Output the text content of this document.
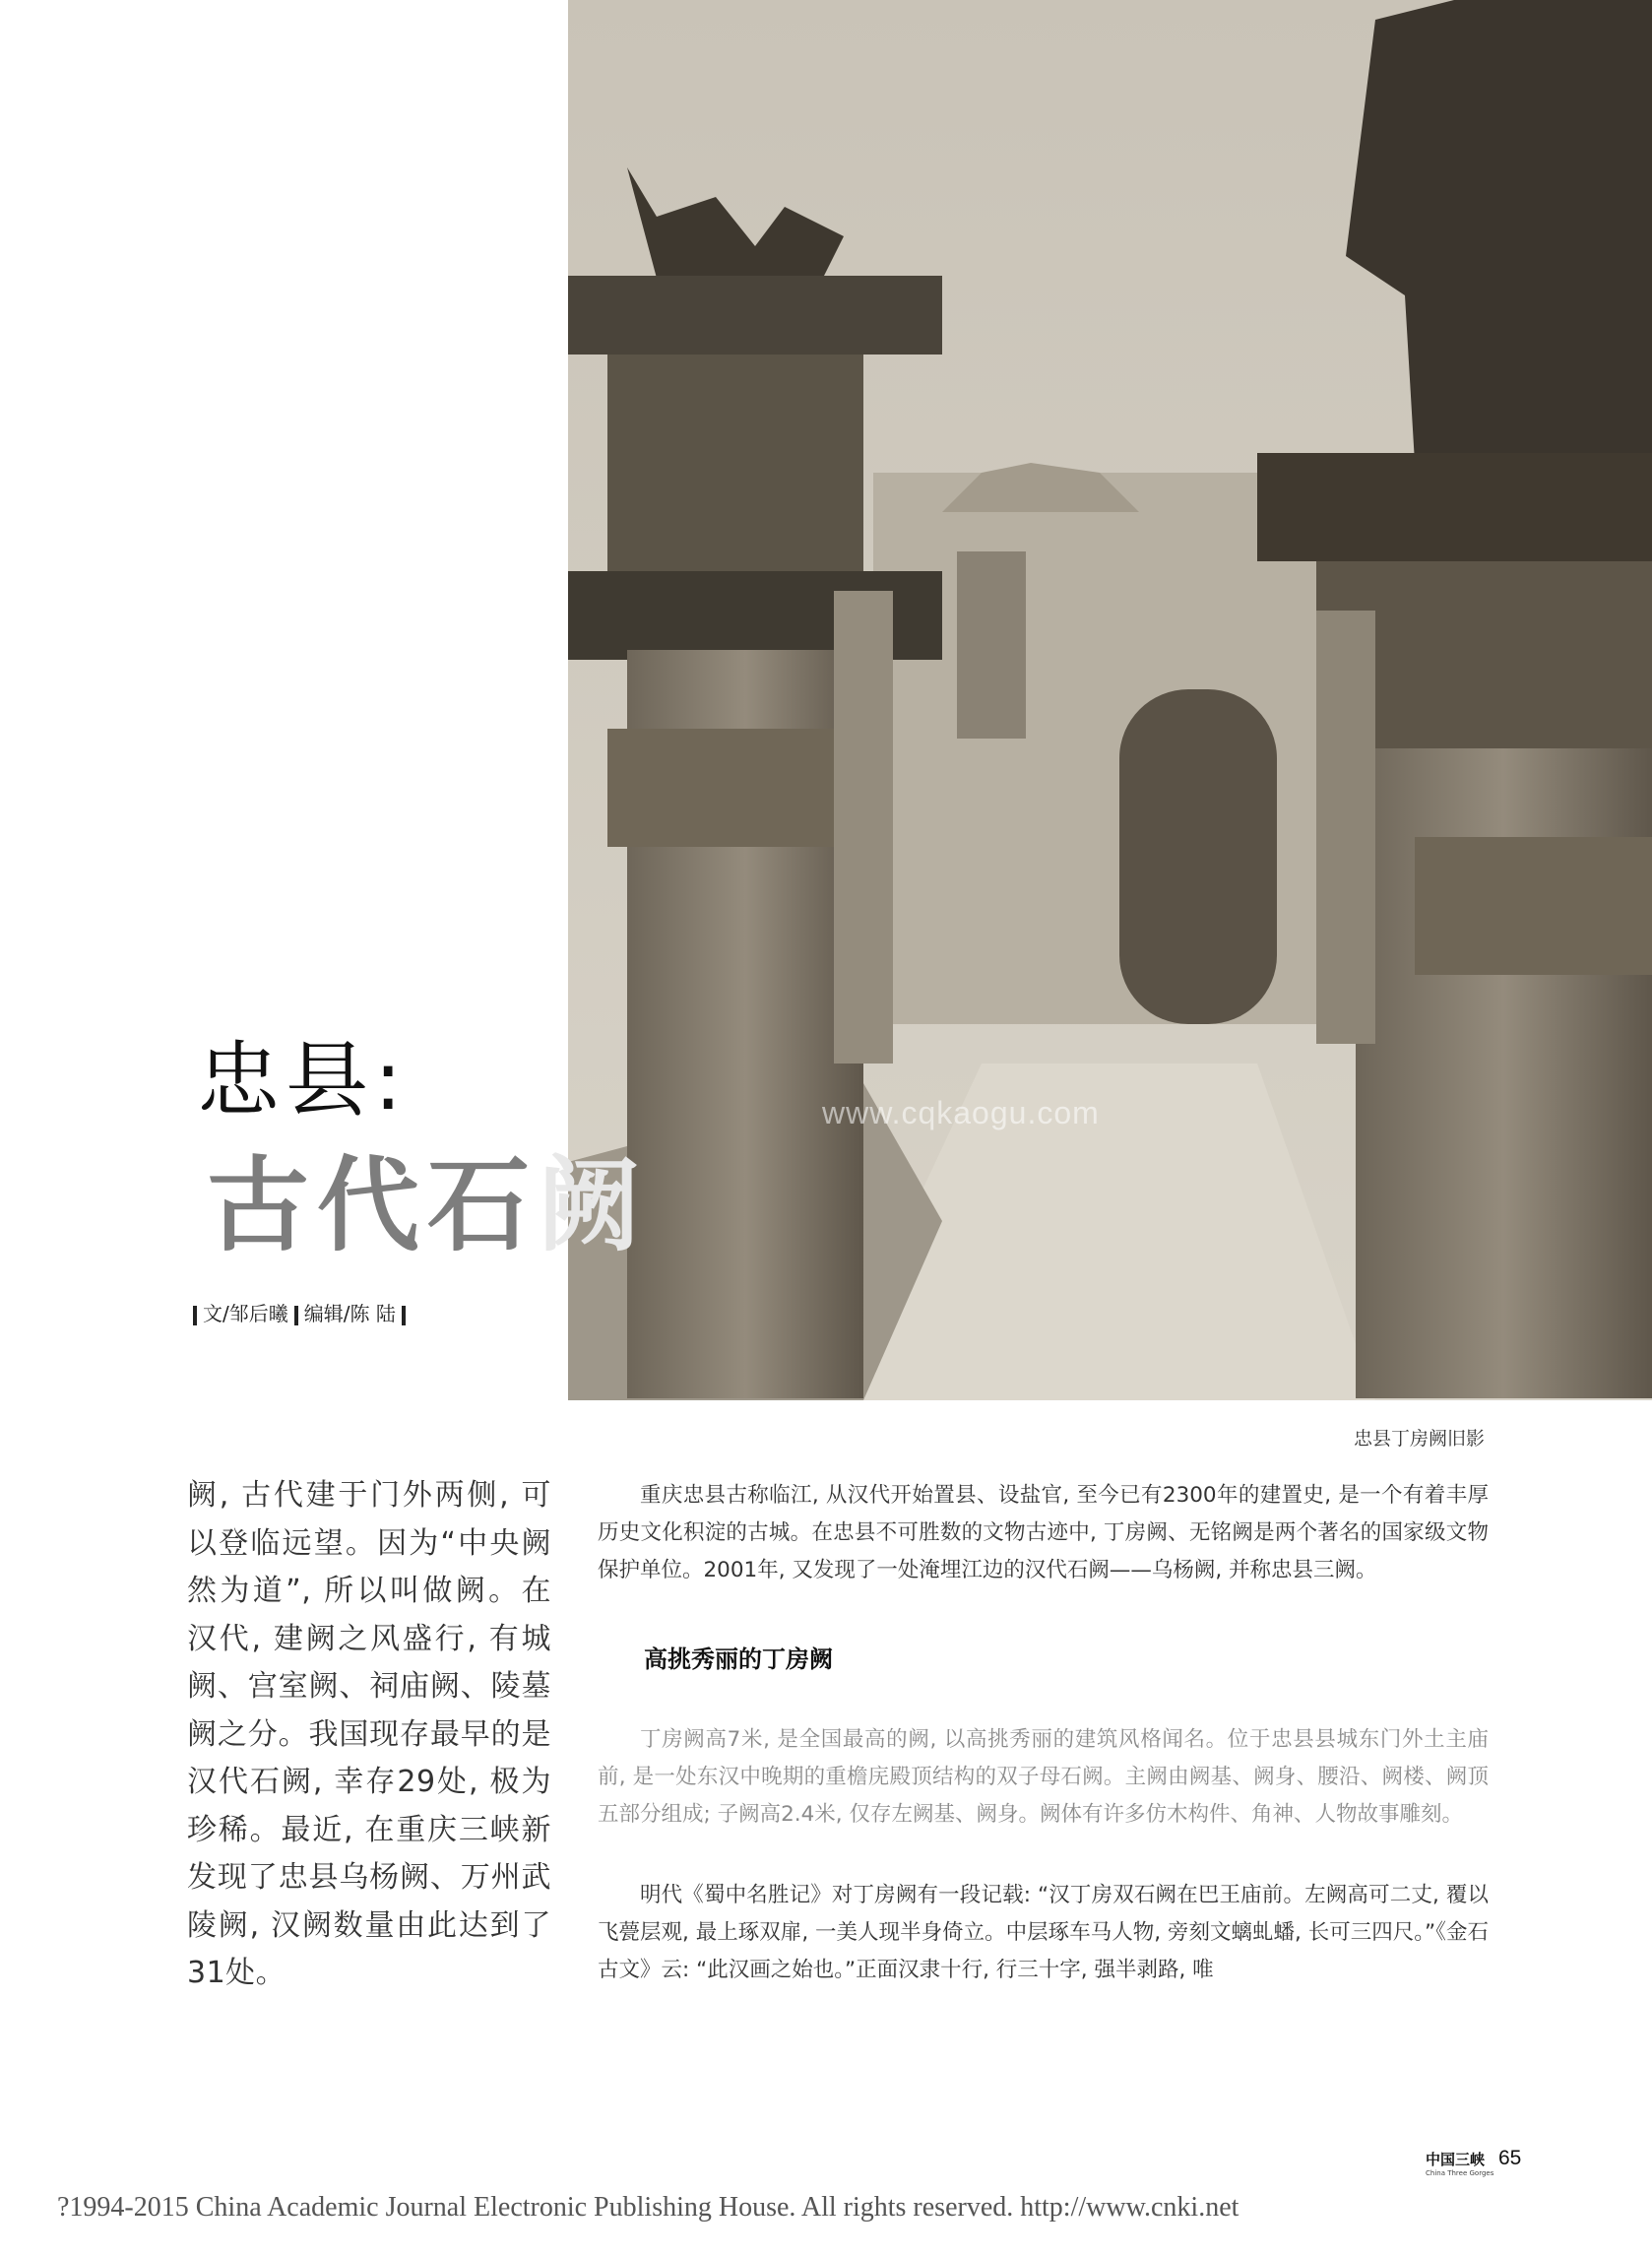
www.cqkaogu.com
忠县:
古代石阙
文/邹后曦 编辑/陈 陆
忠县丁房阙旧影
阙, 古代建于门外两侧, 可以登临远望。因为“中央阙然为道”, 所以叫做阙。在汉代, 建阙之风盛行, 有城阙、宫室阙、祠庙阙、陵墓阙之分。我国现存最早的是汉代石阙, 幸存29处, 极为珍稀。最近, 在重庆三峡新发现了忠县乌杨阙、万州武陵阙, 汉阙数量由此达到了31处。

重庆忠县古称临江, 从汉代开始置县、设盐官, 至今已有2300年的建置史, 是一个有着丰厚历史文化积淀的古城。在忠县不可胜数的文物古迹中, 丁房阙、无铭阙是两个著名的国家级文物保护单位。2001年, 又发现了一处淹埋江边的汉代石阙——乌杨阙, 并称忠县三阙。

高挑秀丽的丁房阙

丁房阙高7米, 是全国最高的阙, 以高挑秀丽的建筑风格闻名。位于忠县县城东门外土主庙前, 是一处东汉中晚期的重檐庑殿顶结构的双子母石阙。主阙由阙基、阙身、腰沿、阙楼、阙顶五部分组成; 子阙高2.4米, 仅存左阙基、阙身。阙体有许多仿木构件、角神、人物故事雕刻。

明代《蜀中名胜记》对丁房阙有一段记载: “汉丁房双石阙在巴王庙前。左阙高可二丈, 覆以飞甍层观, 最上琢双扉, 一美人现半身倚立。中层琢车马人物, 旁刻文螭虬蟠, 长可三四尺。”《金石古文》云: “此汉画之始也。”正面汉隶十行, 行三十字, 强半剥路, 唯

中国三峡
China Three Gorges
65
?1994-2015 China Academic Journal Electronic Publishing House. All rights reserved. http://www.cnki.net
